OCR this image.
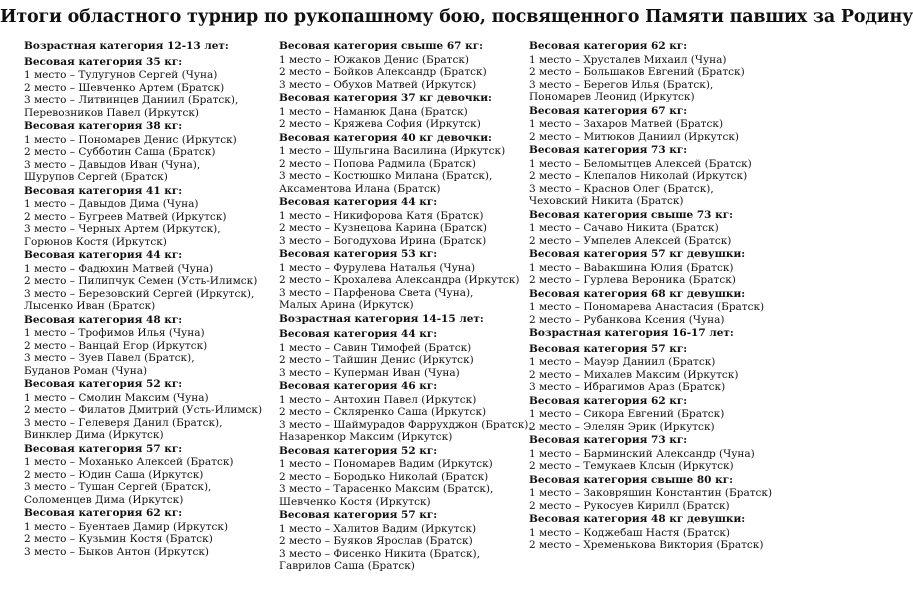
Итоги областного турнир по рукопашному бою, посвященного Памяти павших за Родину
Возрастная категория 12-13 лет:
Весовая категория 35 кг:
1 место – Тулугунов Сергей (Чуна)
2 место – Шевченко Артем (Братск)
3 место – Литвинцев Даниил (Братск),
Перевозников Павел (Иркутск)
Весовая категория 38 кг:
1 место – Пономарев Денис (Иркутск)
2 место – Субботин Саша (Братск)
3 место – Давыдов Иван (Чуна),
Шурупов Сергей (Братск)
Весовая категория 41 кг:
1 место – Давыдов Дима (Чуна)
2 место – Бугреев Матвей (Иркутск)
3 место – Черных Артем (Иркутск),
Горюнов Костя (Иркутск)
Весовая категория 44 кг:
1 место – Фадюхин Матвей (Чуна)
2 место – Пилипчук Семен (Усть-Илимск)
3 место – Березовский Сергей (Иркутск),
Лысенко Иван (Братск)
Весовая категория 48 кг:
1 место – Трофимов Илья (Чуна)
2 место – Ванцай Егор (Иркутск)
3 место – Зуев Павел (Братск),
Буданов Роман (Чуна)
Весовая категория 52 кг:
1 место – Смолин Максим (Чуна)
2 место – Филатов Дмитрий (Усть-Илимск)
3 место – Гелеверя Данил (Братск),
Винклер Дима (Иркутск)
Весовая категория 57 кг:
1 место – Моханько Алексей (Братск)
2 место – Юдин Саша (Иркутск)
3 место – Тушан Сергей (Братск),
Соломенцев Дима (Иркутск)
Весовая категория 62 кг:
1 место – Буентаев Дамир (Иркутск)
2 место – Кузьмин Костя (Братск)
3 место – Быков Антон (Иркутск)
Весовая категория свыше 67 кг:
1 место – Южаков Денис (Братск)
2 место – Бойков Александр (Братск)
3 место – Обухов Матвей (Иркутск)
Весовая категория 37 кг девочки:
1 место – Наманюк Дана (Братск)
2 место – Кряжева София (Иркутск)
Весовая категория 40 кг девочки:
1 место – Шульгина Василина (Иркутск)
2 место – Попова Радмила (Братск)
3 место – Костюшко Милана (Братск),
Аксаментова Илана (Братск)
Весовая категория 44 кг:
1 место – Никифорова Катя (Братск)
2 место – Кузнецова Карина (Братск)
3 место – Богодухова Ирина (Братск)
Весовая категория 53 кг:
1 место – Фурулева Наталья (Чуна)
2 место – Крохалева Александра (Иркутск)
3 место – Парфенова Света (Чуна),
Малых Арина (Иркутск)
Возрастная категория 14-15 лет:
Весовая категория 44 кг:
1 место – Савин Тимофей (Братск)
2 место – Тайшин Денис (Иркутск)
3 место – Куперман Иван (Чуна)
Весовая категория 46 кг:
1 место – Антохин Павел (Иркутск)
2 место – Скляренко Саша (Иркутск)
3 место – Шаймурадов Фаррухджон (Братск),
Назаренкор Максим (Иркутск)
Весовая категория 52 кг:
1 место – Пономарев Вадим (Иркутск)
2 место – Бородько Николай (Братск)
3 место – Тарасенко Максим (Братск),
Шевченко Костя (Иркутск)
Весовая категория 57 кг:
1 место – Халитов Вадим (Иркутск)
2 место – Буяков Ярослав (Братск)
3 место – Фисенко Никита (Братск),
Гаврилов Саша (Братск)
Весовая категория 62 кг:
1 место – Хрусталев Михаил (Чуна)
2 место – Большаков Евгений (Братск)
3 место – Берегов Илья (Братск),
Пономарев Леонид (Иркутск)
Весовая категория 67 кг:
1 место – Захаров Матвей (Братск)
2 место – Митюков Даниил (Иркутск)
Весовая категория 73 кг:
1 место – Беломытцев Алексей (Братск)
2 место – Клепалов Николай (Иркутск)
3 место – Краснов Олег (Братск),
Чеховский Никита (Братск)
Весовая категория свыше 73 кг:
1 место – Сачаво Никита (Братск)
2 место – Умпелев Алексей (Братск)
Весовая категория 57 кг девушки:
1 место – Babaкшина Юлия (Братск)
2 место – Гурлева Вероника (Братск)
Весовая категория 68 кг девушки:
1 место – Пономарева Анастасия (Братск)
2 место – Рубанкова Ксения (Чуна)
Возрастная категория 16-17 лет:
Весовая категория 57 кг:
1 место – Мауэр Даниил (Братск)
2 место – Михалев Максим (Иркутск)
3 место – Ибрагимов Араз (Братск)
Весовая категория 62 кг:
1 место – Сикора Евгений (Братск)
2 место – Элелян Эрик (Иркутск)
Весовая категория 73 кг:
1 место – Барминский Александр (Чуна)
2 место – Темукаев Клсын (Иркутск)
Весовая категория свыше 80 кг:
1 место – Заковряшин Константин (Братск)
2 место – Рукосуев Кирилл (Братск)
Весовая категория 48 кг девушки:
1 место – Коджебаш Настя (Братск)
2 место – Хременькова Виктория (Братск)
